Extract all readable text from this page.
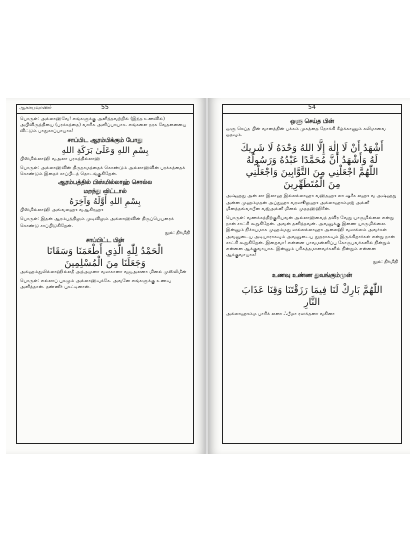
ஆகாயவாணர்	55

பொருள்: அல்லாஹ்வே! எங்களுக்கு அளித்தவற்றில் (இந்த உணவில்) அபிவிருத்தியை (பரக்கத்தை) வாரிசு அளிப்பாயாக. எங்களை நரக வேதனையை விட்டும் பாதுகாப்பாயாக!

சாப்பிட ஆரம்பிக்கும் போது

بِسْمِ اللهِ وَعَلَىٰ بَرَكَةِ اللهِ

பிஸ்மில்லாஹி வஅலா பரகத்தில்லாஹ்

பொருள்: அல்லாஹ்வின் திருநாமத்தைக் கொண்டும் அல்லாஹ்வின் பரக்கத்தைக் கொண்டும் இதைச் சாப்பிடத் தொடங்குகிறேன்.

ஆரம்பத்தில் பிஸ்மில்லாஹ் சொல்ல

மறந்து விட்டால்

بِسْمِ اللهِ أَوَّلَهُ وَآخِرَهُ

பிஸ்மில்லாஹி அவ்வலஹு வஆகிரஹு

பொருள்: இதன் ஆரம்பத்திலும் முடிவிலும் அல்லாஹ்வின் திருப்பெயரைக் கொண்டு சாப்பிடுகிறேன்.

நூல்: திர்மிதி

சாப்பிட்ட பின்

الْحَمْدُ لِلّٰهِ الَّذِي أَطْعَمَنَا وَسَقَانَا

وَجَعَلَنَا مِنَ الْمُسْلِمِينَ

அல்ஹம்துலில்லாஹில்லதீ அத்அமனா வஸகானா வஜஅலனா மினல் முஸ்லிமீன்

பொருள்: எல்லாப் புகழும் அல்லாஹ்வுக்கே. அவனே எங்களுக்கு உணவு அளித்தான். தண்ணீர் புகட்டினான்.

54

ஒளு செய்த பின்

ஒளு செய்த பின் வானத்தின் பக்கம் முகத்தை நோக்கி கீழ்க்காணும் கலிமாவை ஓதவும்.

أَشْهَدُ أَنْ لَا إِلٰهَ إِلَّا اللهُ وَحْدَهُ لَا شَرِيكَ

لَهُ وَأَشْهَدُ أَنَّ مُحَمَّدًا عَبْدُهُ وَرَسُولُهُ

اللّٰهُمَّ اجْعَلْنِي مِنَ التَّوَّابِينَ وَاجْعَلْنِي

مِنَ الْمُتَطَهِّرِينَ

அஷ்ஹது அன் லா இலாஹ இல்லல்லாஹு வஹ்தஹு லா ஷரீக லஹு வ அஷ்ஹது அன்ன முஹம்மதன் அப்துஹு வரஸூலுஹு அல்லாஹும்மஜ் அல்னீ மினத்தவ்வாபீன வஜ்அல்னீ மினல் முததஹ்ஹிரீன்.

பொருள்: வணக்கத்திற்குரியவன் அல்லாஹ்வைத் தவிர வேறு யாருமில்லை என்று நான் சாட்சி கூறுகிறேன். அவன் தனித்தவன். அவனுக்கு இணை யாருமில்லை. இன்னும் நிச்சயமாக முஹம்மது ஸல்லல்லாஹு அலைஹி வஸல்லம் அவர்கள் அவனுடைய அடியாராகவும் அவனுடைய தூதராகவும் இருக்கிறார்கள் என்று நான் சாட்சி கூறுகிறேன். இறைவா! என்னை பாவமன்னிப்பு கோருபவர்களில் நின்றும் என்னை ஆக்குவாயாக. இன்னும் பரிசுத்தமானவர்களில் நின்றும் என்னை ஆக்குவாயாக!

நூல்: திர்மிதி

உணவு உண்ண துவங்கும்முன்

اللّٰهُمَّ بَارِكْ لَنَا فِيمَا رَزَقْتَنَا وَقِنَا عَذَابَ

النَّارِ

அல்லாஹும்ம பாரிக் லனா ஃபீமா ரஸக்தனா வகினா
